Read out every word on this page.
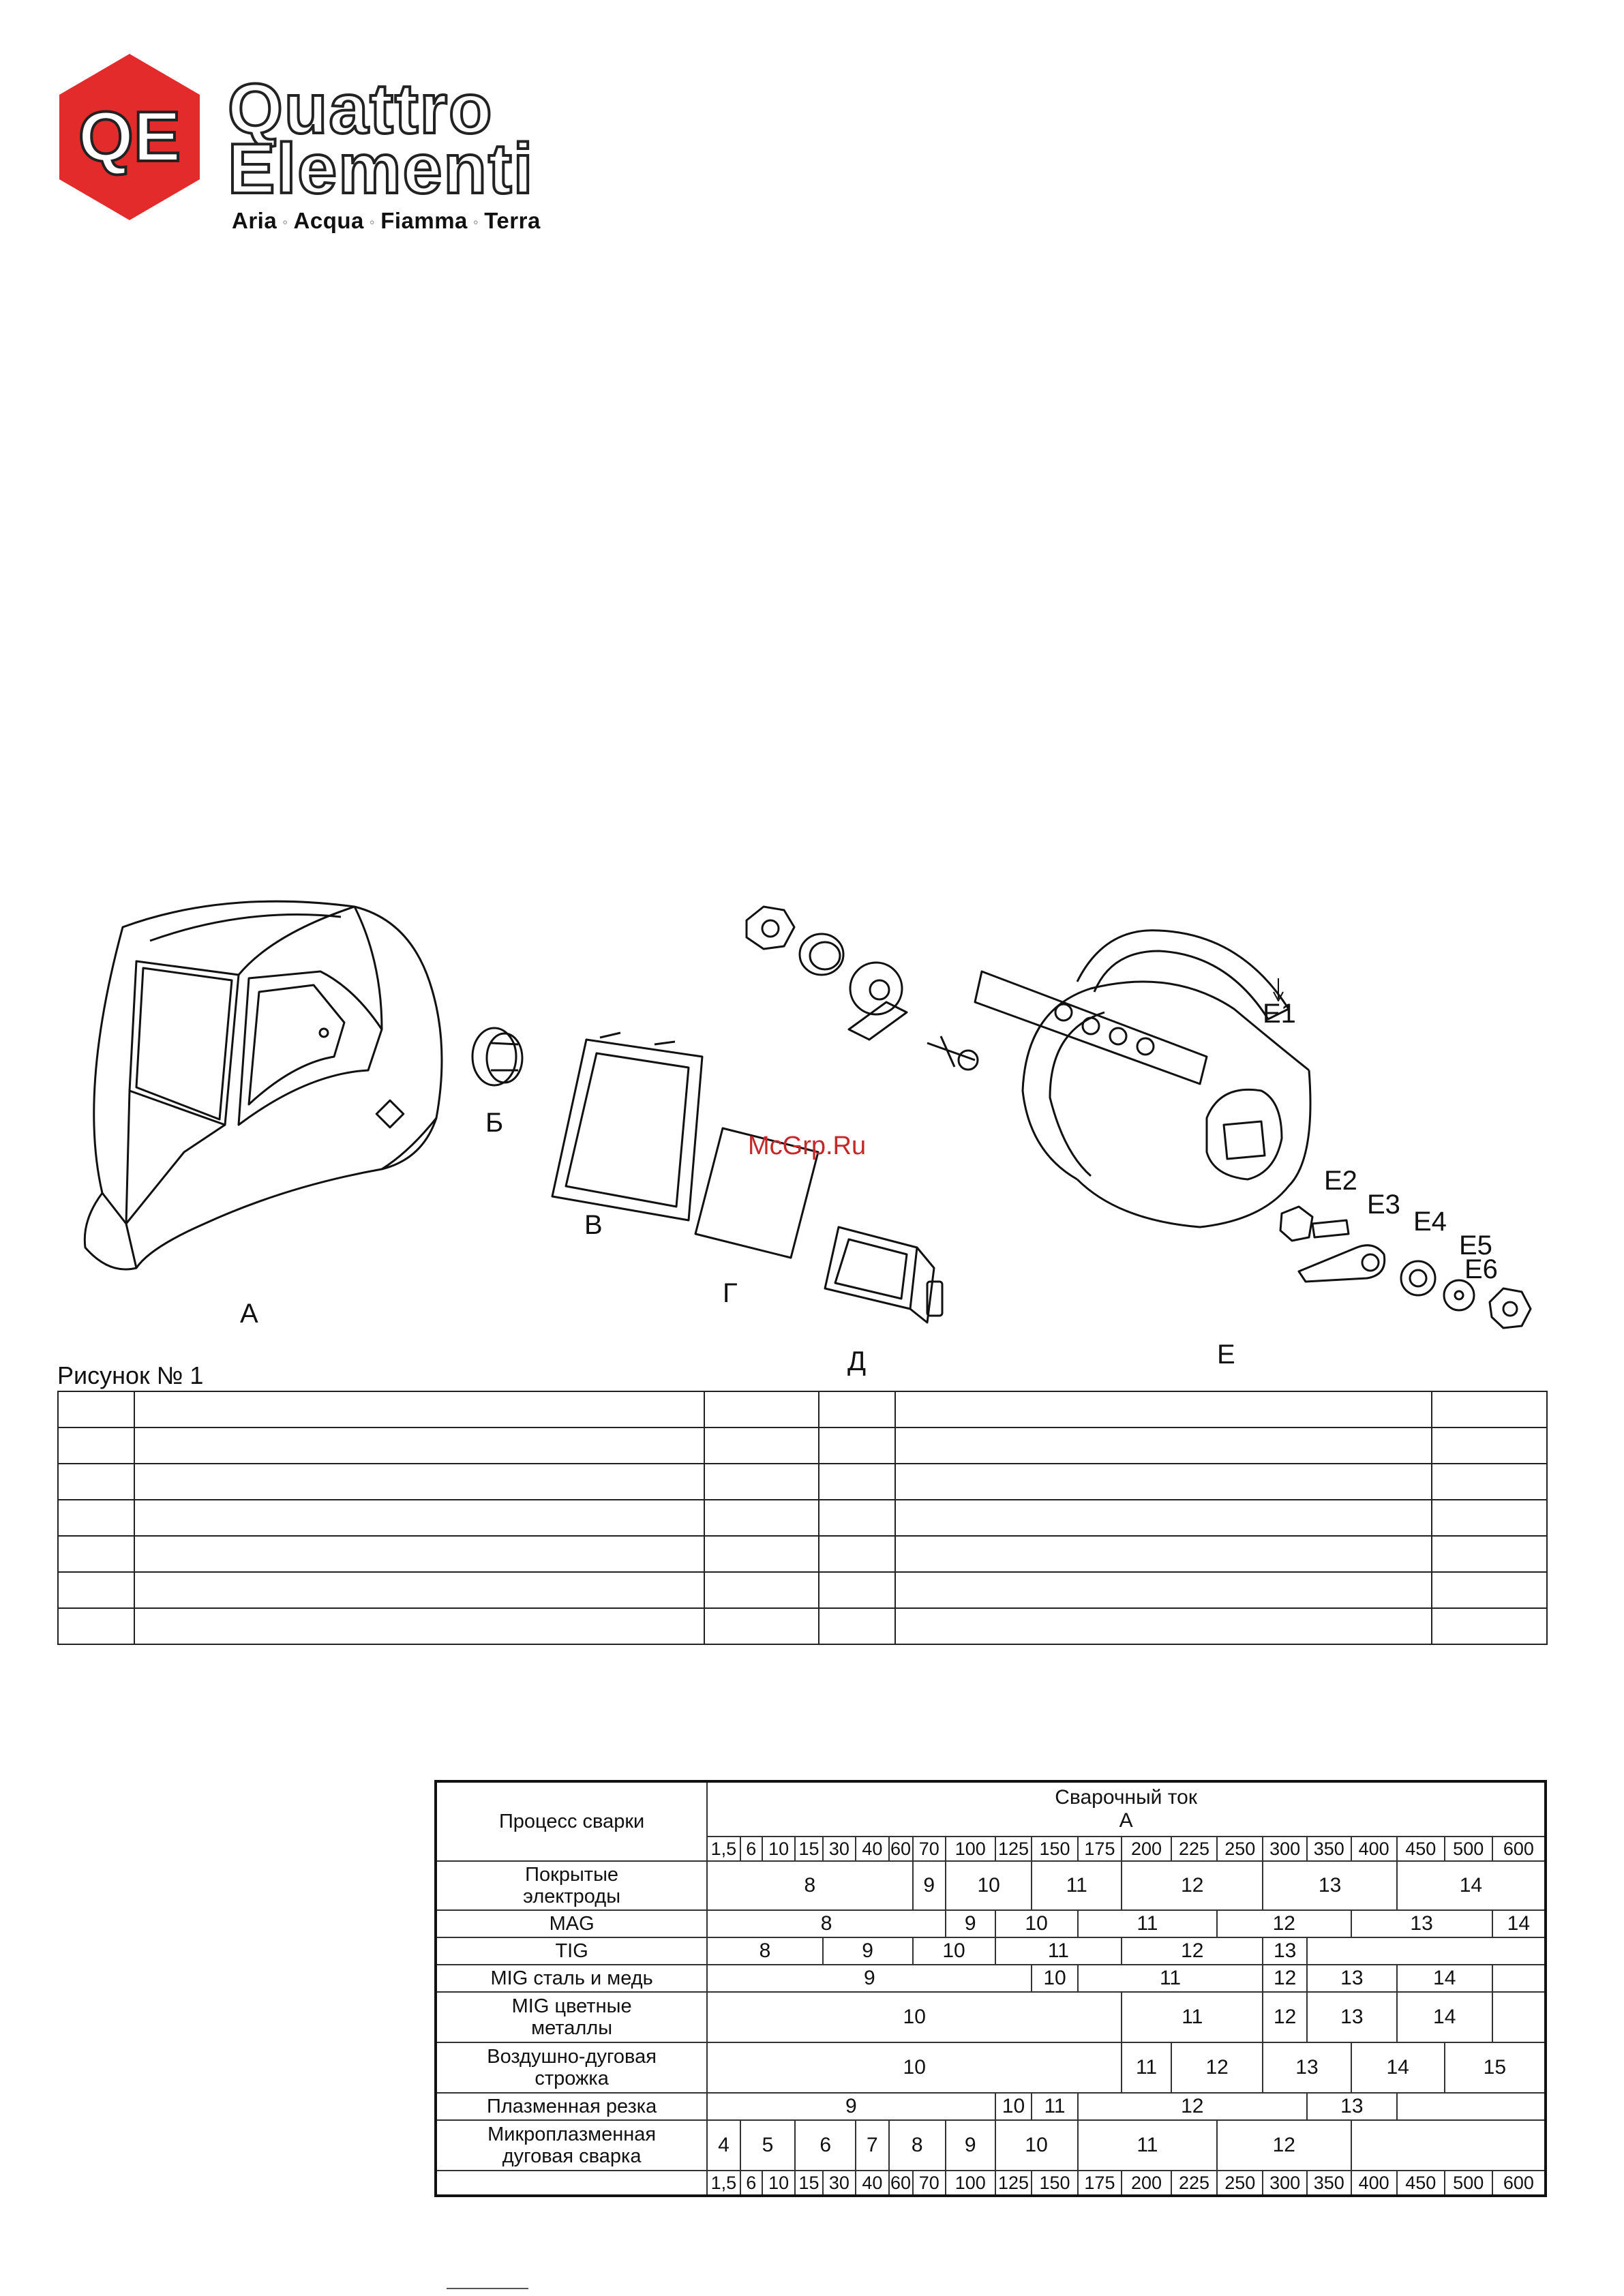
QE Quattro
Elementi
Aria ◦ Acqua ◦ Fiamma ◦ Terra
Б
В
А
Г
Д	Е
Е1
Е2
Е3
Е4
Е5
Е6
McGrp.Ru
Рисунок № 1

Процесс сварки	Сварочный ток
А																				

	1,5	6	10	15	30	40	60	70	100	125	150	175	200	225	250	300	350	400	450	500	600

Покрытые
электроды	8							9	10		11		12			13			14		

MAG	8								9	10		11			12			13			14

TIG	8				9			10		11			12			13					

MIG сталь и медь	9										10	11				12	13		14		

MIG цветные
металлы	10												11			12	13		14		

Воздушно-дуговая
строжка	10												11	12		13		14		15	

Плазменная резка	9									10	11	12					13				

Микроплазменная
дуговая сварка	4	5		6		7	8		9	10		11			12						
	1,5	6	10	15	30	40	60	70	100	125	150	175	200	225	250	300	350	400	450	500	600
